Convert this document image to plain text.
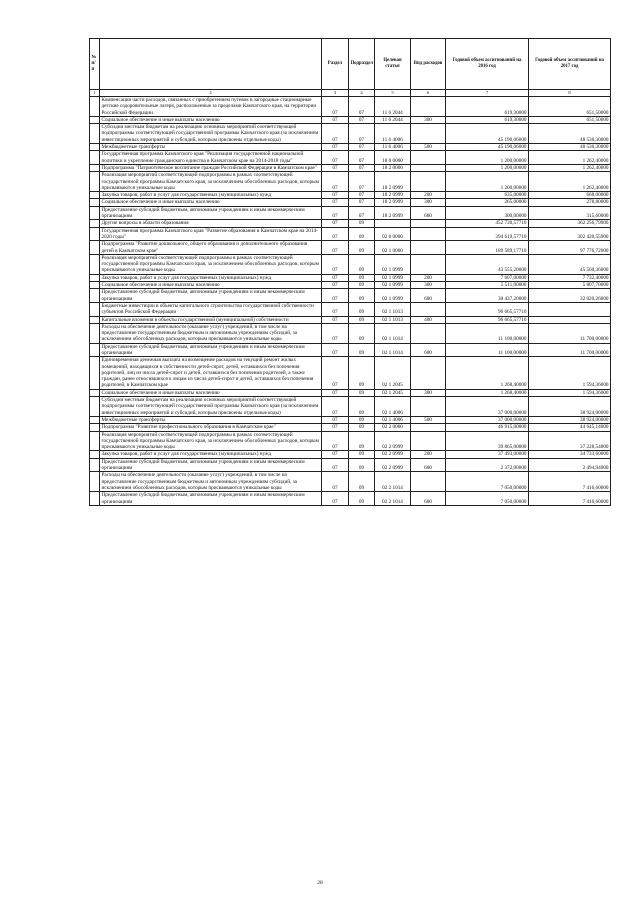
№ п/п		Раздел	Подраздел	Целевая статья	Вид расходов	Годовой объем ассигнований на 2016 год	Годовой объем ассигнований на 2017 год
1	2	3	4	5	6	7	8
	Компенсация части расходов, связанных с приобретением путевок в загородные стационарные детские оздоровительные лагеря, расположенные за пределами Камчатского края, на территории Российской Федерации	07	07	11 6 2044		619,30000	651,50000
	Социальное обеспечение и иные выплаты населению	07	07	11 6 2044	300	619,30000	651,50000
	Субсидии местным бюджетам на реализацию основных мероприятий соответствующей подпрограммы соответствующей государственной программы Камчатского края (за исключением инвестиционных мероприятий и субсидий, которым присвоены отдельные коды)	07	07	11 6 4006		45 190,06000	48 536,30000
	Межбюджетные трансферты	07	07	11 6 4006	500	45 190,06000	48 536,30000
	Государственная программа Камчатского края "Реализация государственной национальной политики и укрепление гражданского единства в Камчатском крае на 2014-2018 годы"	07	07	18 0 0000		1 200,00000	1 262,40000
	Подпрограмма "Патриотическое воспитание граждан Российской Федерации в Камчатском крае"	07	07	18 2 0000		1 200,00000	1 262,40000
	Реализация мероприятий соответствующей подпрограммы в рамках соответствующей государственной программы Камчатского края, за исключением обособленных расходов, которым присваиваются уникальные коды	07	07	18 2 0999		1 200,00000	1 262,40000
	Закупка товаров, работ и услуг для государственных (муниципальных) нужд	07	07	18 2 0999	200	635,00000	668,00000
	Социальное обеспечение и иные выплаты населению	07	07	18 2 0999	300	265,00000	278,80000
	Предоставление субсидий бюджетным, автономным учреждениям и иным некоммерческим организациям	07	07	18 2 0999	600	300,00000	315,60000
	Другие вопросы в области образования	07	09			452 730,57710	362 256,79900
	Государственная программа Камчатского края "Развитие образования в Камчатском крае на 2014-2020 годы"	07	09	02 0 0000		394 619,57710	302 420,55900
	Подпрограмма "Развитие дошкольного, общего образования и дополнительного образования детей в Камчатском крае"	07	09	02 1 0000		189 589,17710	97 776,72000
	Реализация мероприятий соответствующей подпрограммы в рамках соответствующей государственной программы Камчатского края, за исключением обособленных расходов, которым присваиваются уникальные коды	07	09	02 1 0999		43 555,20000	45 560,36000
	Закупка товаров, работ и услуг для государственных (муниципальных) нужд	07	09	02 1 0999	200	7 607,00000	7 732,40000
	Социальное обеспечение и иные выплаты населению	07	09	02 1 0999	300	5 511,00000	5 807,70000
	Предоставление субсидий бюджетным, автономным учреждениям и иным некоммерческим организациям	07	09	02 1 0999	600	30 437,20000	32 020,26000
	Бюджетные инвестиции в объекты капитального строительства государственной собственности субъектов Российской Федерации	07	09	02 1 1013		96 665,57710	
	Капитальные вложения в объекты государственной (муниципальной) собственности	07	09	02 1 1013	400	96 665,57710	
	Расходы на обеспечение деятельности (оказание услуг) учреждений, в том числе на предоставление государственным бюджетным и автономным учреждениям субсидий, за исключением обособленных расходов, которым присваиваются уникальные коды	07	09	02 1 1014		11 100,00000	11 700,00000
	Предоставление субсидий бюджетным, автономным учреждениям и иным некоммерческим организациям	07	09	02 1 1014	600	11 100,00000	11 700,00000
	Единовременная денежная выплата на возмещение расходов на текущий ремонт жилых помещений, находящихся в собственности детей-сирот, детей, оставшихся без попечения родителей, лиц из числа детей-сирот и детей, оставшихся без попечения родителей, а также граждан, ранее относившихся к лицам из числа детей-сирот и детей, оставшихся без попечения родителей, в Камчатском крае	07	09	02 1 2045		1 268,40000	1 594,36000
	Социальное обеспечение и иные выплаты населению	07	09	02 1 2045	300	1 268,40000	1 594,36000
	Субсидии местным бюджетам на реализацию основных мероприятий соответствующей подпрограммы соответствующей государственной программы Камчатского края (за исключением инвестиционных мероприятий и субсидий, которым присвоены отдельные коды)	07	09	02 1 4006		37 000,00000	38 924,00000
	Межбюджетные трансферты	07	09	02 1 4006	500	37 000,00000	38 924,00000
	Подпрограмма "Развитие профессионального образования в Камчатском крае"	07	09	02 2 0000		46 915,00000	44 645,14000
	Реализация мероприятий соответствующей подпрограммы в рамках соответствующей государственной программы Камчатского края, за исключением обособленных расходов, которым присваиваются уникальные коды	07	09	02 2 0999		39 865,00000	37 228,54000
	Закупка товаров, работ и услуг для государственных (муниципальных) нужд	07	09	02 2 0999	200	37 493,00000	34 733,60000
	Предоставление субсидий бюджетным, автономным учреждениям и иным некоммерческим организациям	07	09	02 2 0999	600	2 372,00000	2 494,94000
	Расходы на обеспечение деятельности (оказание услуг) учреждений, в том числе на предоставление государственным бюджетным и автономным учреждениям субсидий, за исключением обособленных расходов, которым присваиваются уникальные коды	07	09	02 2 1014		7 050,00000	7 416,60000
	Предоставление субсидий бюджетным, автономным учреждениям и иным некоммерческим организациям	07	09	02 2 1014	600	7 050,00000	7 416,60000
28
